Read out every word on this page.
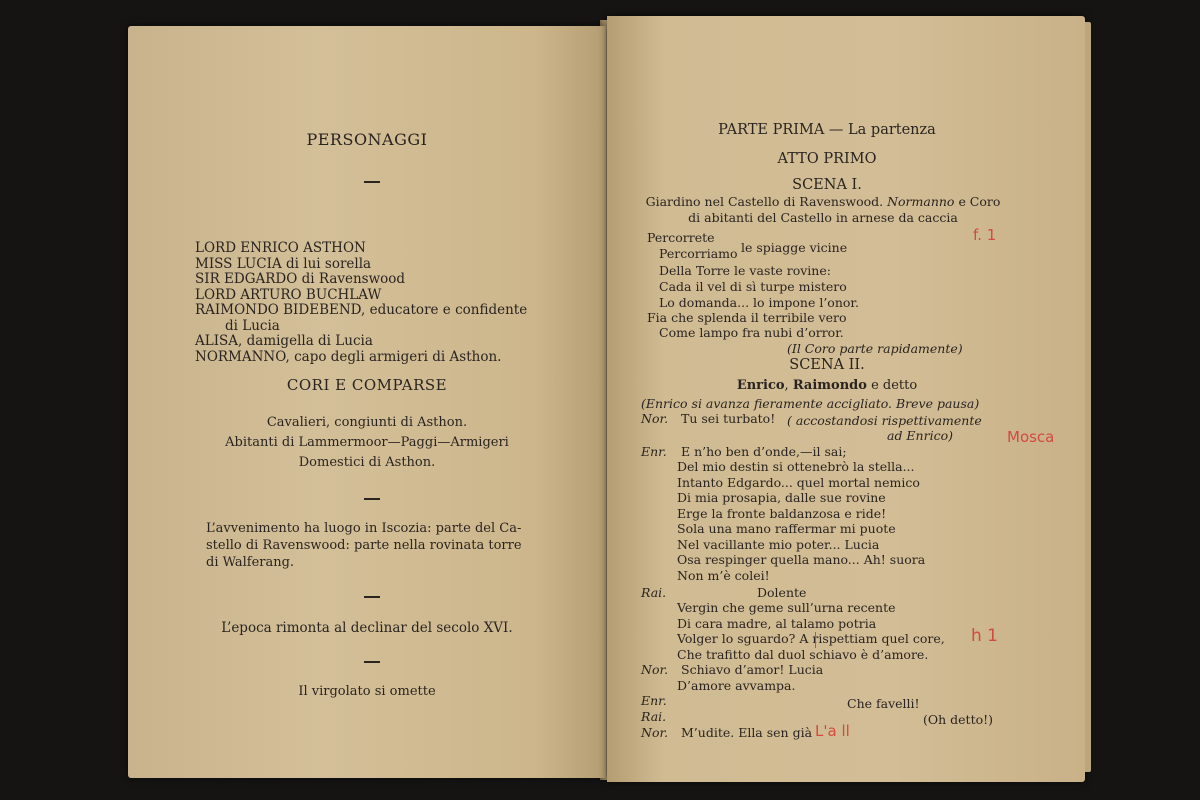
PERSONAGGI
LORD ENRICO ASTHON
MISS LUCIA di lui sorella
SIR EDGARDO di Ravenswood
LORD ARTURO BUCHLAW
RAIMONDO BIDEBEND, educatore e confidente
di Lucia
ALISA, damigella di Lucia
NORMANNO, capo degli armigeri di Asthon.
CORI E COMPARSE
Cavalieri, congiunti di Asthon.
Abitanti di Lammermoor—Paggi—Armigeri
Domestici di Asthon.
L’avvenimento ha luogo in Iscozia: parte del Ca-
stello di Ravenswood: parte nella rovinata torre
di Walferang.
L’epoca rimonta al declinar del secolo XVI.
Il virgolato si omette
PARTE PRIMA — La partenza
ATTO PRIMO
SCENA I.
Giardino nel Castello di Ravenswood. Normanno e Coro
di abitanti del Castello in arnese da caccia
Percorrete
Percorriamo le spiagge vicine
Della Torre le vaste rovine:
Cada il vel di sì turpe mistero
Lo domanda... lo impone l’onor.
Fia che splenda il terribile vero
Come lampo fra nubi d’orror.
(Il Coro parte rapidamente)
SCENA II.
Enrico, Raimondo e detto
(Enrico si avanza fieramente accigliato. Breve pausa)
Nor. Tu sei turbato! ( accostandosi rispettivamente
ad Enrico)
Enr. E n’ho ben d’onde,—il sai;
Del mio destin si ottenebrò la stella...
Intanto Edgardo... quel mortal nemico
Di mia prosapia, dalle sue rovine
Erge la fronte baldanzosa e ride!
Sola una mano raffermar mi puote
Nel vacillante mio poter... Lucia
Osa respinger quella mano... Ah! suora
Non m’è colei!
Rai.	Dolente
Vergin che geme sull’urna recente
Di cara madre, al talamo potria
Volger lo sguardo? A rispettiam quel core,
Che trafitto dal duol schiavo è d’amore.
Nor. Schiavo d’amor! Lucia
D’amore avvampa.
Enr.	Che favelli!
Rai.	(Oh detto!)
Nor. M’udite. Ella sen già
f. 1
Mosca
h 1
L'a ll
